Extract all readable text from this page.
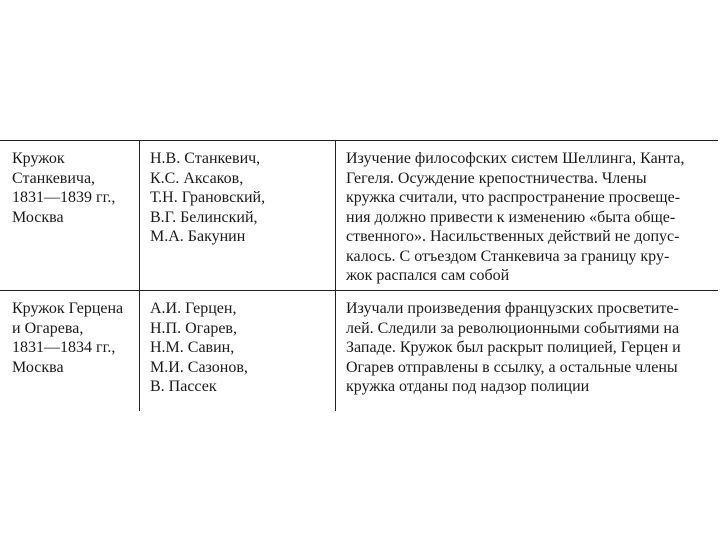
Кружок
Станкевича,
1831—1839 гг.,
Москва
Н.В. Станкевич,
К.С. Аксаков,
Т.Н. Грановский,
В.Г. Белинский,
М.А. Бакунин
Изучение философских систем Шеллинга, Канта,
Гегеля. Осуждение крепостничества. Члены
кружка считали, что распространение просвеще-
ния должно привести к изменению «быта обще-
ственного». Насильственных действий не допус-
калось. С отъездом Станкевича за границу кру-
жок распался сам собой
Кружок Герцена
и Огарева,
1831—1834 гг.,
Москва
А.И. Герцен,
Н.П. Огарев,
Н.М. Савин,
М.И. Сазонов,
В. Пассек
Изучали произведения французских просветите-
лей. Следили за революционными событиями на
Западе. Кружок был раскрыт полицией, Герцен и
Огарев отправлены в ссылку, а остальные члены
кружка отданы под надзор полиции
